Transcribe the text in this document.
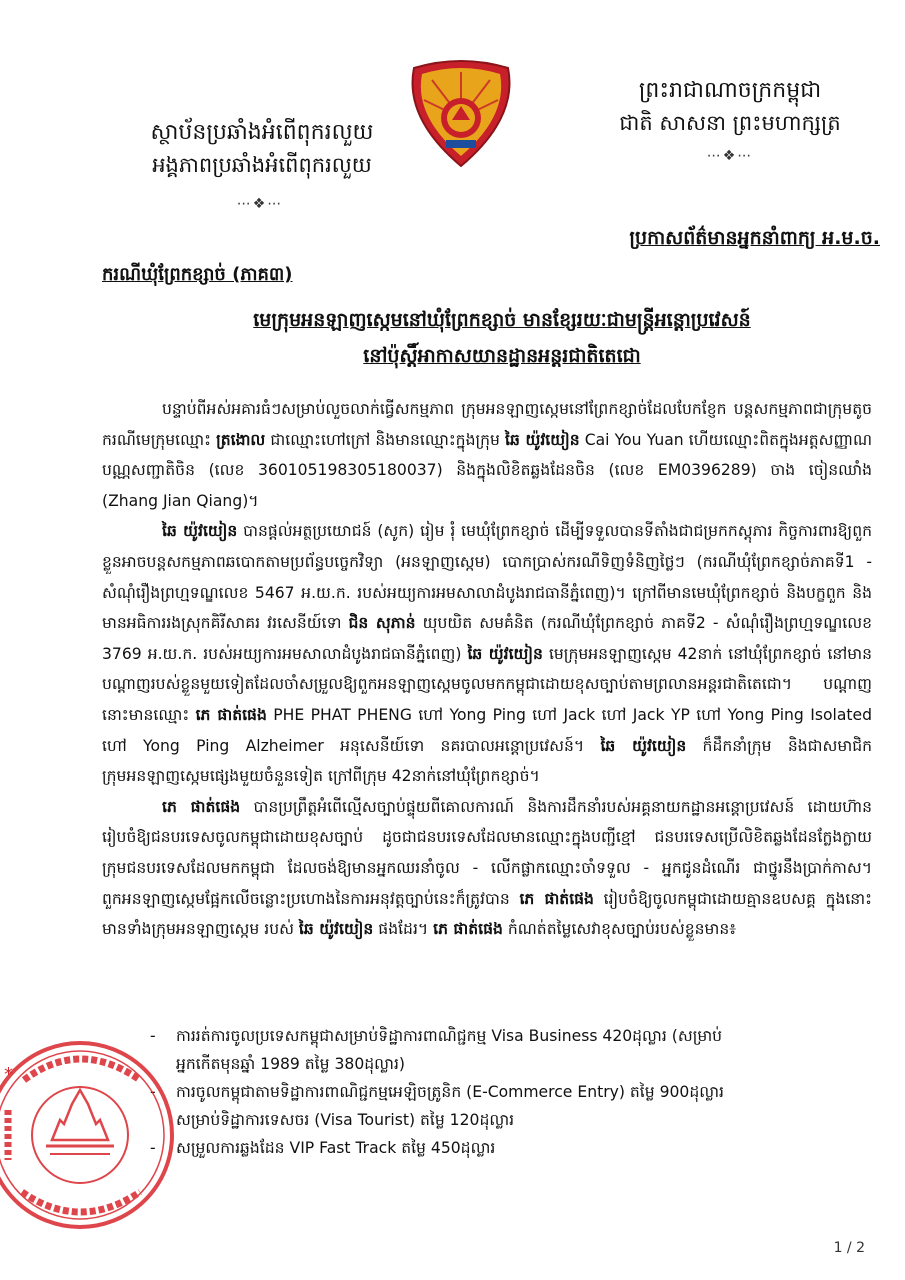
ស្ថាប័នប្រឆាំងអំពើពុករលួយ
អង្គភាពប្រឆាំងអំពើពុករលួយ
⋯❖⋯
ព្រះរាជាណាចក្រកម្ពុជា
ជាតិ សាសនា ព្រះមហាក្សត្រ
⋯❖⋯
ប្រកាសព័ត៌មានអ្នកនាំពាក្យ អ.ម.ច.
ករណីឃុំព្រែកខ្សាច់ (ភាគ៣)
មេក្រុមអនឡាញស្កេមនៅឃុំព្រែកខ្សាច់ មានខ្សែរយៈជាមន្ត្រីអន្តោប្រវេសន៍
នៅប៉ុស្តិ៍អាកាសយានដ្ឋានអន្តរជាតិតេជោ

បន្ទាប់ពីអស់អគារធំៗសម្រាប់លួចលាក់ធ្វើសកម្មភាព ក្រុមអនឡាញស្កេមនៅព្រែកខ្សាច់ដែលបែកខ្ញែក បន្តសកម្មភាពជាក្រុមតូច ករណីមេក្រុមឈ្មោះ ត្រងោល ជាឈ្មោះហៅក្រៅ និងមានឈ្មោះក្នុងក្រុម ឆៃ យ៉ូវយៀន Cai You Yuan ហើយឈ្មោះពិតក្នុងអត្តសញ្ញាណបណ្ណសញ្ជាតិចិន (លេខ 36010519830518003​7) និងក្នុងលិខិតឆ្លងដែនចិន (លេខ EM0396289) ចាង ចៀនឈាំង (Zhang Jian Qiang)។

ឆៃ យ៉ូវយៀន បានផ្ដល់អត្ថប្រយោជន៍ (សូក) រៀម រុំ មេឃុំព្រែកខ្សាច់ ដើម្បីទទួលបានទីតាំងជាជម្រកកស្តុភារ កិច្ចការពារឱ្យពួកខ្លួនអាចបន្តសកម្មភាពឆបោកតាមប្រព័ន្ធបច្ចេកវិទ្យា (អនឡាញស្កេម) បោកប្រាស់ករណីទិញទំនិញថ្លៃៗ (ករណីឃុំព្រែកខ្សាច់ភាគទី1 - សំណុំរឿងព្រហ្មទណ្ឌលេខ 5467 អ.យ.ក. របស់អយ្យការអមសាលាដំបូងរាជធានីភ្នំពេញ)។ ក្រៅពីមានមេឃុំព្រែកខ្សាច់ និងបក្ខពួក និងមានអធិការរងស្រុកគិរីសាគរ វរសេនីយ៍ទោ ជិន សុភាន់ យុបយិត សមគំនិត (ករណីឃុំព្រែកខ្សាច់ ភាគទី2 - សំណុំរឿងព្រហ្មទណ្ឌលេខ 3769 អ.យ.ក. របស់អយ្យការអមសាលាដំបូងរាជធានីភ្នំពេញ) ឆៃ យ៉ូវយៀន មេក្រុមអនឡាញស្កេម 42នាក់ នៅឃុំព្រែកខ្សាច់ នៅមានបណ្ដាញរបស់ខ្លួនមួយទៀតដែលចាំសម្រួលឱ្យពួកអនឡាញស្កេមចូលមកកម្ពុជាដោយខុសច្បាប់តាមព្រលានអន្តរជាតិតេជោ។ បណ្ដាញនោះមានឈ្មោះ ភេ ផាត់ផេង PHE PHAT PHENG ហៅ Yong Ping ហៅ Jack ហៅ Jack YP ហៅ Yong Ping Isolated ហៅ Yong Ping Alzheimer អនុសេនីយ៍ទោ នគរបាលអន្តោប្រវេសន៍។ ឆៃ យ៉ូវយៀន ក៏ដឹកនាំក្រុម និងជាសមាជិកក្រុមអនឡាញស្កេមផ្សេងមួយចំនួនទៀត ក្រៅពីក្រុម 42នាក់នៅឃុំព្រែកខ្សាច់។

ភេ ផាត់ផេង បានប្រព្រឹត្តអំពើល្មើសច្បាប់ផ្ទុយពីគោលការណ៍ និងការដឹកនាំរបស់អគ្គនាយកដ្ឋានអន្តោប្រវេសន៍ ដោយហ៊ានរៀបចំឱ្យជនបរទេសចូលកម្ពុជាដោយខុសច្បាប់ ដូចជាជនបរទេសដែលមានឈ្មោះក្នុងបញ្ជីខ្មៅ ជនបរទេសប្រើលិខិតឆ្លងដែនក្លែងក្លាយ ក្រុមជនបរទេសដែលមកកម្ពុជា ដែលចង់ឱ្យមានអ្នកឈរនាំចូល - លើកផ្លាកឈ្មោះចាំទទួល - អ្នកជូនដំណើរ ជាថ្នូរនឹងប្រាក់កាស។ ពួកអនឡាញស្កេមផ្អែកលើចន្លោះប្រហោងនៃការអនុវត្តច្បាប់នេះក៏ត្រូវបាន ភេ ផាត់ផេង រៀបចំឱ្យចូលកម្ពុជាដោយគ្មានឧបសគ្គ ក្នុងនោះមានទាំងក្រុមអនឡាញស្កេម របស់ ឆៃ យ៉ូវយៀន ផងដែរ។ ភេ ផាត់ផេង កំណត់តម្លៃសេវាខុសច្បាប់របស់ខ្លួនមាន៖

-	ការរត់ការចូលប្រទេសកម្ពុជាសម្រាប់ទិដ្ឋាការពាណិជ្ជកម្ម Visa Business 420ដុល្លារ (សម្រាប់
អ្នកកើតមុនឆ្នាំ 1989 តម្លៃ 380ដុល្លារ)
-	ការចូលកម្ពុជាតាមទិដ្ឋាការពាណិជ្ជកម្មអេឡិចត្រូនិក (E-Commerce Entry) តម្លៃ 900ដុល្លារ
សម្រាប់ទិដ្ឋាការទេសចរ (Visa Tourist) តម្លៃ 120ដុល្លារ
-	សម្រួលការឆ្លងដែន VIP Fast Track តម្លៃ 450ដុល្លារ
*
1 / 2
